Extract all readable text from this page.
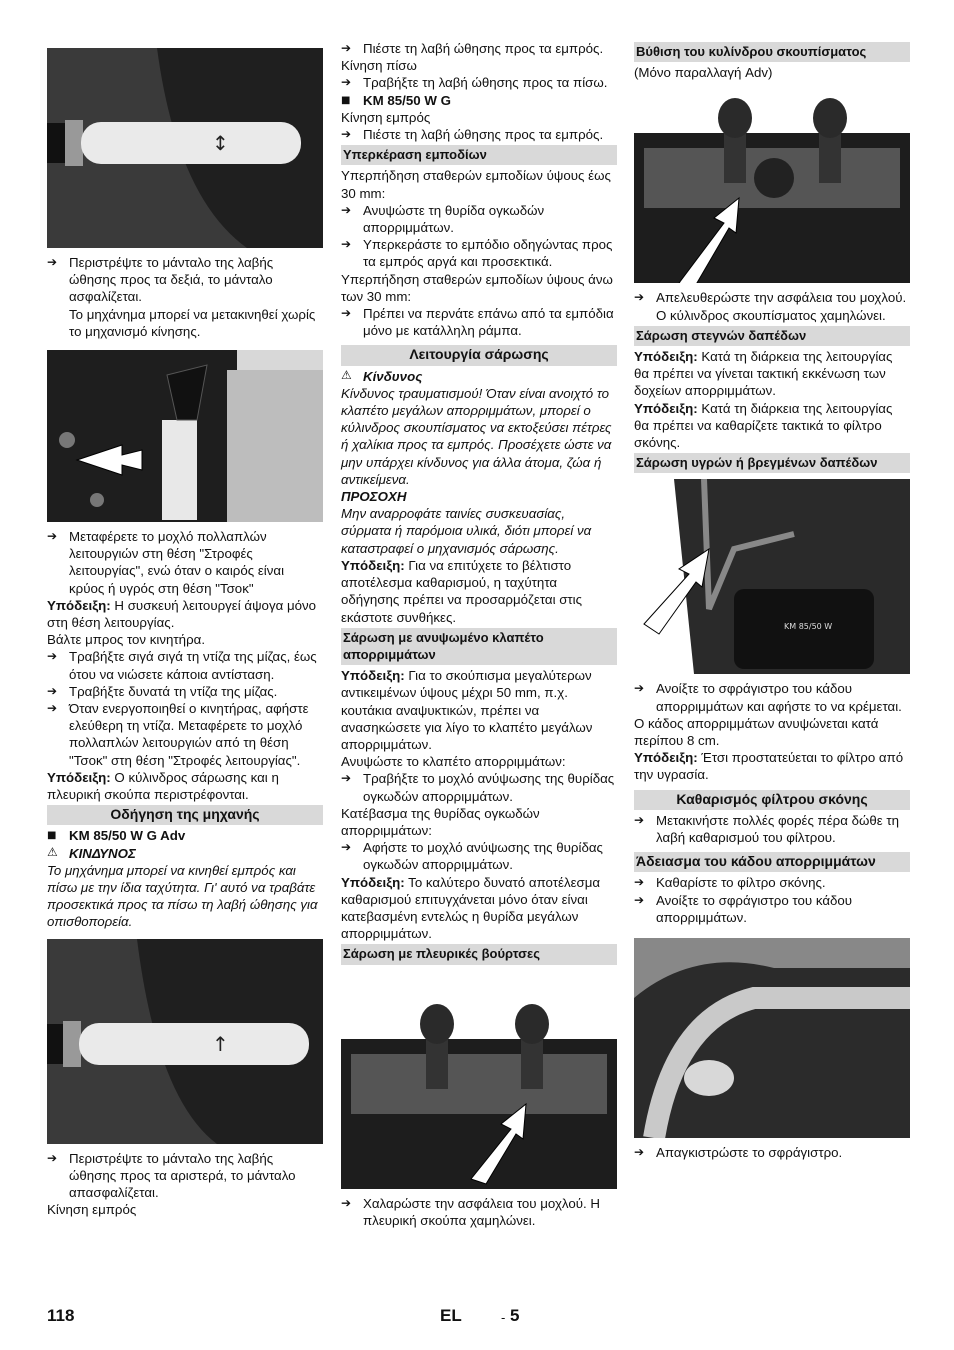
↕

➔ Περιστρέψτε το μάνταλο της λαβής ώθησης προς τα δεξιά, το μάνταλο ασφαλίζεται.

Το μηχάνημα μπορεί να μετακινηθεί χωρίς το μηχανισμό κίνησης.

➔ Μεταφέρετε το μοχλό πολλαπλών λειτουργιών στη θέση "Στροφές λειτουργίας", ενώ όταν ο καιρός είναι κρύος ή υγρός στη θέση "Τσοκ"

Υπόδειξη: Η συσκευή λειτουργεί άψογα μόνο στη θέση λειτουργίας.

Βάλτε μπρος τον κινητήρα.

➔ Τραβήξτε σιγά σιγά τη ντίζα της μίζας, έως ότου να νιώσετε κάποια αντίσταση.

➔ Τραβήξτε δυνατά τη ντίζα της μίζας.

➔ Όταν ενεργοποιηθεί ο κινητήρας, αφήστε ελεύθερη τη ντίζα. Μεταφέρετε το μοχλό πολλαπλών λειτουργιών από τη θέση "Τσοκ" στη θέση "Στροφές λειτουργίας".

Υπόδειξη: Ο κύλινδρος σάρωσης και η πλευρική σκούπα περιστρέφονται.

Οδήγηση της μηχανής

■ KM 85/50 W G Adv

⚠ ΚΙΝΔΥΝΟΣ

Το μηχάνημα μπορεί να κινηθεί εμπρός και πίσω με την ίδια ταχύτητα. Γι' αυτό να τραβάτε προσεκτικά προς τα πίσω τη λαβή ώθησης για οπισθοπορεία.

↑

➔ Περιστρέψτε το μάνταλο της λαβής ώθησης προς τα αριστερά, το μάνταλο απασφαλίζεται.

Κίνηση εμπρός

➔ Πιέστε τη λαβή ώθησης προς τα εμπρός.

Κίνηση πίσω

➔ Τραβήξτε τη λαβή ώθησης προς τα πίσω.

■ KM 85/50 W G

Κίνηση εμπρός

➔ Πιέστε τη λαβή ώθησης προς τα εμπρός.

Υπερκέραση εμποδίων

Υπερπήδηση σταθερών εμποδίων ύψους έως 30 mm:

➔ Ανυψώστε τη θυρίδα ογκωδών απορριμμάτων.

➔ Υπερκεράστε το εμπόδιο οδηγώντας προς τα εμπρός αργά και προσεκτικά.

Υπερπήδηση σταθερών εμποδίων ύψους άνω των 30 mm:

➔ Πρέπει να περνάτε επάνω από τα εμπόδια μόνο με κατάλληλη ράμπα.

Λειτουργία σάρωσης

⚠ Κίνδυνος

Κίνδυνος τραυματισμού! Όταν είναι ανοιχτό το κλαπέτο μεγάλων απορριμμάτων, μπορεί ο κύλινδρος σκουπίσματος να εκτοξεύσει πέτρες ή χαλίκια προς τα εμπρός. Προσέχετε ώστε να μην υπάρχει κίνδυνος για άλλα άτομα, ζώα ή αντικείμενα.

ΠΡΟΣΟΧΗ

Μην αναρροφάτε ταινίες συσκευασίας, σύρματα ή παρόμοια υλικά, διότι μπορεί να καταστραφεί ο μηχανισμός σάρωσης.

Υπόδειξη: Για να επιτύχετε το βέλτιστο αποτέλεσμα καθαρισμού, η ταχύτητα οδήγησης πρέπει να προσαρμόζεται στις εκάστοτε συνθήκες.

Σάρωση με ανυψωμένο κλαπέτο απορριμμάτων

Υπόδειξη: Για το σκούπισμα μεγαλύτερων αντικειμένων ύψους μέχρι 50 mm, π.χ. κουτάκια αναψυκτικών, πρέπει να ανασηκώσετε για λίγο το κλαπέτο μεγάλων απορριμμάτων.

Ανυψώστε το κλαπέτο απορριμμάτων:

➔ Τραβήξτε το μοχλό ανύψωσης της θυρίδας ογκωδών απορριμμάτων.

Κατέβασμα της θυρίδας ογκωδών απορριμμάτων:

➔ Αφήστε το μοχλό ανύψωσης της θυρίδας ογκωδών απορριμμάτων.

Υπόδειξη: Το καλύτερο δυνατό αποτέλεσμα καθαρισμού επιτυγχάνεται μόνο όταν είναι κατεβασμένη εντελώς η θυρίδα μεγάλων απορριμμάτων.

Σάρωση με πλευρικές βούρτσες

➔ Χαλαρώστε την ασφάλεια του μοχλού. Η πλευρική σκούπα χαμηλώνει.

Βύθιση του κυλίνδρου σκουπίσματος

(Μόνο παραλλαγή Adv)

➔ Απελευθερώστε την ασφάλεια του μοχλού. Ο κύλινδρος σκουπίσματος χαμηλώνει.

Σάρωση στεγνών δαπέδων

Υπόδειξη: Κατά τη διάρκεια της λειτουργίας θα πρέπει να γίνεται τακτική εκκένωση των δοχείων απορριμμάτων.

Υπόδειξη: Κατά τη διάρκεια της λειτουργίας θα πρέπει να καθαρίζετε τακτικά το φίλτρο σκόνης.

Σάρωση υγρών ή βρεγμένων δαπέδων
KM 85/50 W

➔ Ανοίξτε το σφράγιστρο του κάδου απορριμμάτων και αφήστε το να κρέμεται.

Ο κάδος απορριμμάτων ανυψώνεται κατά περίπου 8 cm.

Υπόδειξη: Έτσι προστατεύεται το φίλτρο από την υγρασία.

Καθαρισμός φίλτρου σκόνης

➔ Μετακινήστε πολλές φορές πέρα δώθε τη λαβή καθαρισμού του φίλτρου.

Άδειασμα του κάδου απορριμμάτων

➔ Καθαρίστε το φίλτρο σκόνης.

➔ Ανοίξτε το σφράγιστρο του κάδου απορριμμάτων.

➔ Απαγκιστρώστε το σφράγιστρο.

118	EL	- 5
